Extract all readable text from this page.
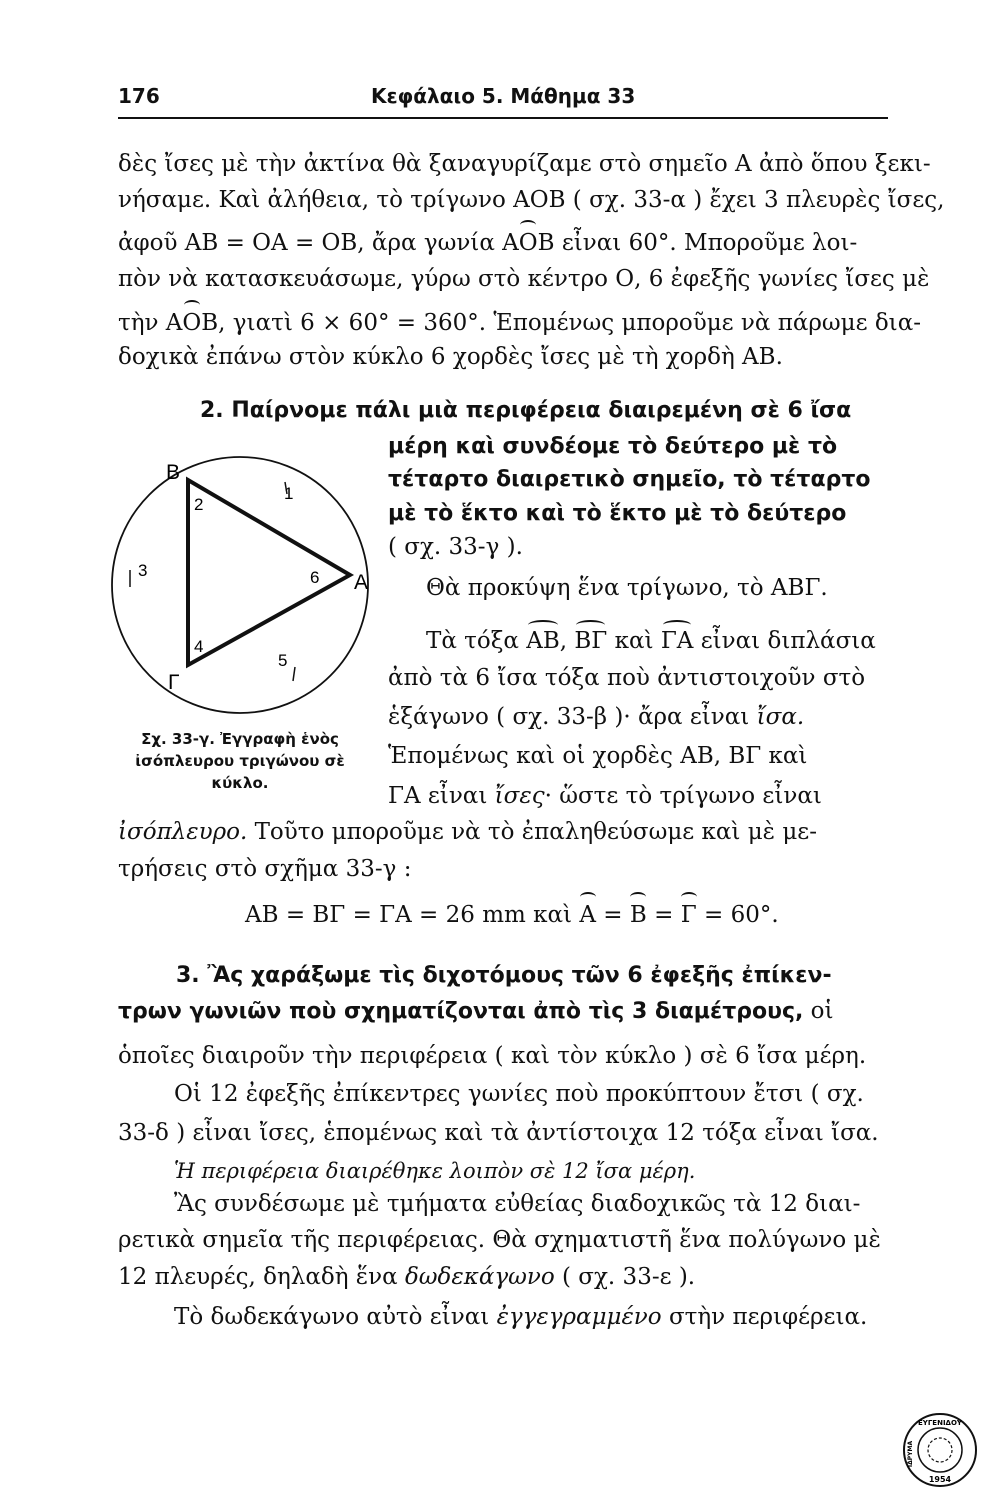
176	Κεφάλαιο 5. Μάθημα 33
δὲς ἴσες μὲ τὴν ἀκτίνα θὰ ξαναγυρίζαμε στὸ σημεῖο Α ἀπὸ ὅπου ξεκι-
νήσαμε. Καὶ ἀλήθεια, τὸ τρίγωνο ΑΟΒ ( σχ. 33-α ) ἔχει 3 πλευρὲς ἴσες,
ἀφοῦ ΑΒ = ΟΑ = ΟΒ, ἄρα γωνία ΑΟΒ εἶναι 60°. Μποροῦμε λοι-
πὸν νὰ κατασκευάσωμε, γύρω στὸ κέντρο Ο, 6 ἐφεξῆς γωνίες ἴσες μὲ
τὴν ΑΟΒ, γιατὶ 6 × 60° = 360°. Ἑπομένως μποροῦμε νὰ πάρωμε δια-
δοχικὰ ἐπάνω στὸν κύκλο 6 χορδὲς ἴσες μὲ τὴ χορδὴ ΑΒ.
2. Παίρνομε πάλι μιὰ περιφέρεια διαιρεμένη σὲ 6 ἴσα
μέρη καὶ συνδέομε τὸ δεύτερο μὲ τὸ
τέταρτο διαιρετικὸ σημεῖο, τὸ τέταρτο
μὲ τὸ ἕκτο καὶ τὸ ἕκτο μὲ τὸ δεύτερο
( σχ. 33-γ ).
Θὰ προκύψη ἕνα τρίγωνο, τὸ ΑΒΓ.
Τὰ τόξα ΑΒ, ΒΓ καὶ ΓΑ εἶναι διπλάσια
ἀπὸ τὰ 6 ἴσα τόξα ποὺ ἀντιστοιχοῦν στὸ
ἑξάγωνο ( σχ. 33-β )· ἄρα εἶναι ἴσα.
Ἑπομένως καὶ οἱ χορδὲς ΑΒ, ΒΓ καὶ
ΓΑ εἶναι ἴσες· ὥστε τὸ τρίγωνο εἶναι
ἰσόπλευρο. Τοῦτο μποροῦμε νὰ τὸ ἐπαληθεύσωμε καὶ μὲ με-
τρήσεις στὸ σχῆμα 33-γ :
ΑΒ = ΒΓ = ΓΑ = 26 mm καὶ Α = Β = Γ = 60°.
3. Ἂς χαράξωμε τὶς διχοτόμους τῶν 6 ἐφεξῆς ἐπίκεν-
τρων γωνιῶν ποὺ σχηματίζονται ἀπὸ τὶς 3 διαμέτρους, οἱ
ὁποῖες διαιροῦν τὴν περιφέρεια ( καὶ τὸν κύκλο ) σὲ 6 ἴσα μέρη.
Οἱ 12 ἐφεξῆς ἐπίκεντρες γωνίες ποὺ προκύπτουν ἔτσι ( σχ.
33-δ ) εἶναι ἴσες, ἑπομένως καὶ τὰ ἀντίστοιχα 12 τόξα εἶναι ἴσα.
Ἡ περιφέρεια διαιρέθηκε λοιπὸν σὲ 12 ἴσα μέρη.
Ἂς συνδέσωμε μὲ τμήματα εὐθείας διαδοχικῶς τὰ 12 διαι-
ρετικὰ σημεῖα τῆς περιφέρειας. Θὰ σχηματιστῆ ἕνα πολύγωνο μὲ
12 πλευρές, δηλαδὴ ἕνα δωδεκάγωνο ( σχ. 33-ε ).
Τὸ δωδεκάγωνο αὐτὸ εἶναι ἐγγεγραμμένο στὴν περιφέρεια.
Β
Γ
Α
1
2
3
4
5
6
Σχ. 33-γ. Ἐγγραφὴ ἑνὸς
ἰσόπλευρου τριγώνου σὲ
κύκλο.
ΕΥΓΕΝΙΔΟΥ
ΙΔΡΥΜΑ
1954
